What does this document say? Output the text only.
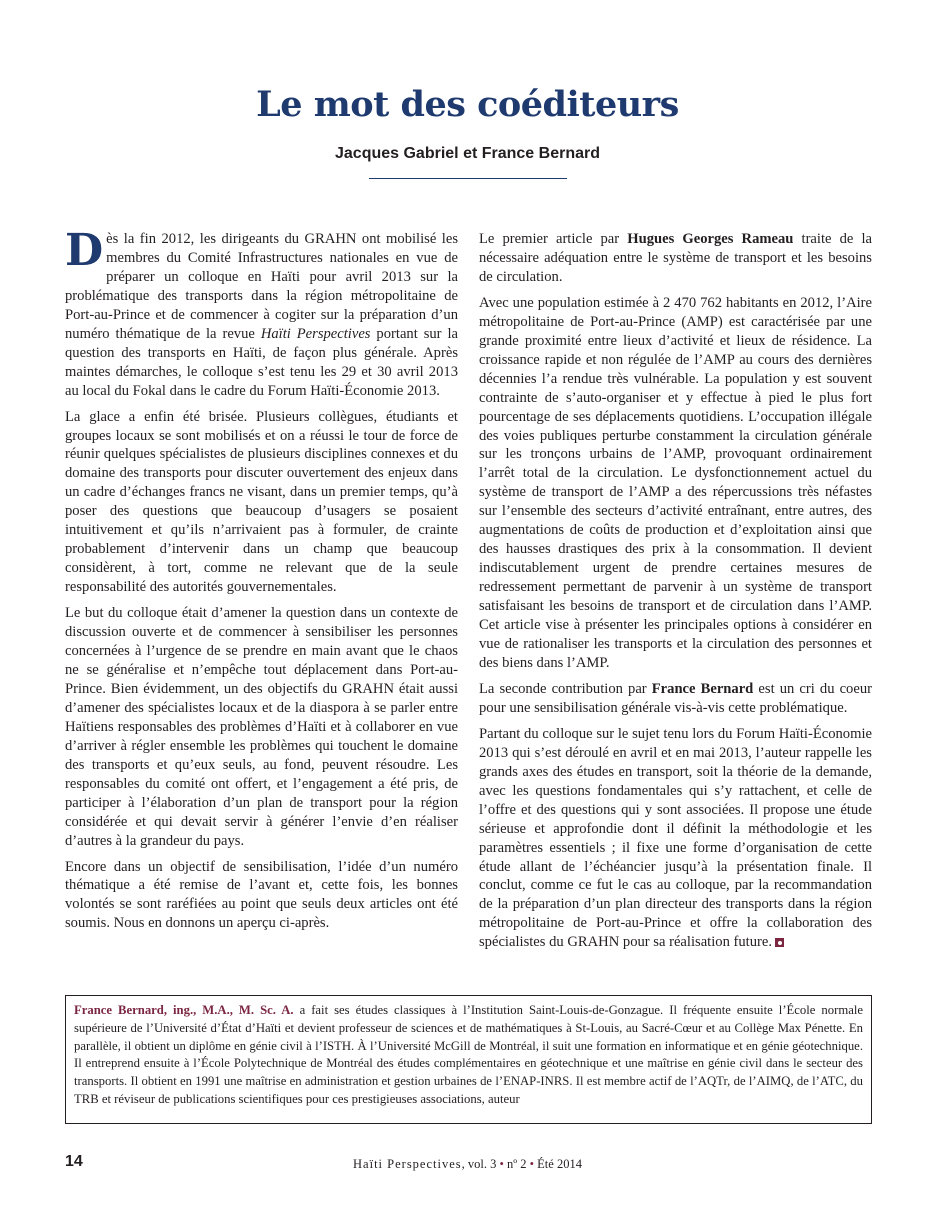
Le mot des coéditeurs
Jacques Gabriel et France Bernard

Dès la fin 2012, les dirigeants du GRAHN ont mobilisé les membres du Comité Infrastructures nationales en vue de préparer un colloque en Haïti pour avril 2013 sur la problématique des transports dans la région métropolitaine de Port-au-Prince et de commencer à cogiter sur la préparation d’un numéro thématique de la revue Haïti Perspectives portant sur la question des transports en Haïti, de façon plus générale. Après maintes démarches, le colloque s’est tenu les 29 et 30 avril 2013 au local du Fokal dans le cadre du Forum Haïti-Économie 2013.

La glace a enfin été brisée. Plusieurs collègues, étudiants et groupes locaux se sont mobilisés et on a réussi le tour de force de réunir quelques spécialistes de plusieurs disciplines connexes et du domaine des transports pour discuter ouvertement des enjeux dans un cadre d’échanges francs ne visant, dans un premier temps, qu’à poser des questions que beaucoup d’usagers se posaient intuitivement et qu’ils n’arrivaient pas à formuler, de crainte probablement d’intervenir dans un champ que beaucoup considèrent, à tort, comme ne relevant que de la seule responsabilité des autorités gouvernementales.

Le but du colloque était d’amener la question dans un contexte de discussion ouverte et de commencer à sensibiliser les personnes concernées à l’urgence de se prendre en main avant que le chaos ne se généralise et n’empêche tout déplacement dans Port-au-Prince. Bien évidemment, un des objectifs du GRAHN était aussi d’amener des spécialistes locaux et de la diaspora à se parler entre Haïtiens responsables des problèmes d’Haïti et à collaborer en vue d’arriver à régler ensemble les problèmes qui touchent le domaine des transports et qu’eux seuls, au fond, peuvent résoudre. Les responsables du comité ont offert, et l’engagement a été pris, de participer à l’élaboration d’un plan de transport pour la région considérée et qui devait servir à générer l’envie d’en réaliser d’autres à la grandeur du pays.

Encore dans un objectif de sensibilisation, l’idée d’un numéro thématique a été remise de l’avant et, cette fois, les bonnes volontés se sont raréfiées au point que seuls deux articles ont été soumis. Nous en donnons un aperçu ci-après.

Le premier article par Hugues Georges Rameau traite de la nécessaire adéquation entre le système de transport et les besoins de circulation.

Avec une population estimée à 2 470 762 habitants en 2012, l’Aire métropolitaine de Port-au-Prince (AMP) est caractérisée par une grande proximité entre lieux d’activité et lieux de résidence. La croissance rapide et non régulée de l’AMP au cours des dernières décennies l’a rendue très vulnérable. La population y est souvent contrainte de s’auto-organiser et y effectue à pied le plus fort pourcentage de ses déplacements quotidiens. L’occupation illégale des voies publiques perturbe constamment la circulation générale sur les tronçons urbains de l’AMP, provoquant ordinairement l’arrêt total de la circulation. Le dysfonctionnement actuel du système de transport de l’AMP a des répercussions très néfastes sur l’ensemble des secteurs d’activité entraînant, entre autres, des augmentations de coûts de production et d’exploitation ainsi que des hausses drastiques des prix à la consommation. Il devient indiscutablement urgent de prendre certaines mesures de redressement permettant de parvenir à un système de transport satisfaisant les besoins de transport et de circulation dans l’AMP. Cet article vise à présenter les principales options à considérer en vue de rationaliser les transports et la circulation des personnes et des biens dans l’AMP.

La seconde contribution par France Bernard est un cri du coeur pour une sensibilisation générale vis-à-vis cette problématique.

Partant du colloque sur le sujet tenu lors du Forum Haïti-Économie 2013 qui s’est déroulé en avril et en mai 2013, l’auteur rappelle les grands axes des études en transport, soit la théorie de la demande, avec les questions fondamentales qui s’y rattachent, et celle de l’offre et des questions qui y sont associées. Il propose une étude sérieuse et approfondie dont il définit la méthodologie et les paramètres essentiels ; il fixe une forme d’organisation de cette étude allant de l’échéancier jusqu’à la présentation finale. Il conclut, comme ce fut le cas au colloque, par la recommandation de la préparation d’un plan directeur des transports dans la région métropolitaine de Port-au-Prince et offre la collaboration des spécialistes du GRAHN pour sa réalisation future.

France Bernard, ing., M.A., M. Sc. A. a fait ses études classiques à l’Institution Saint-Louis-de-Gonzague. Il fréquente ensuite l’École normale supérieure de l’Université d’État d’Haïti et devient professeur de sciences et de mathématiques à St-Louis, au Sacré-Cœur et au Collège Max Pénette. En parallèle, il obtient un diplôme en génie civil à l’ISTH. À l’Université McGill de Montréal, il suit une formation en informatique et en génie géotechnique. Il entreprend ensuite à l’École Polytechnique de Montréal des études complémentaires en géotechnique et une maîtrise en génie civil dans le secteur des transports. Il obtient en 1991 une maîtrise en administration et gestion urbaines de l’ENAP-INRS. Il est membre actif de l’AQTr, de l’AIMQ, de l’ATC, du TRB et réviseur de publications scientifiques pour ces prestigieuses associations, auteur
14	Haïti Perspectives, vol. 3 • nº 2 • Été 2014
